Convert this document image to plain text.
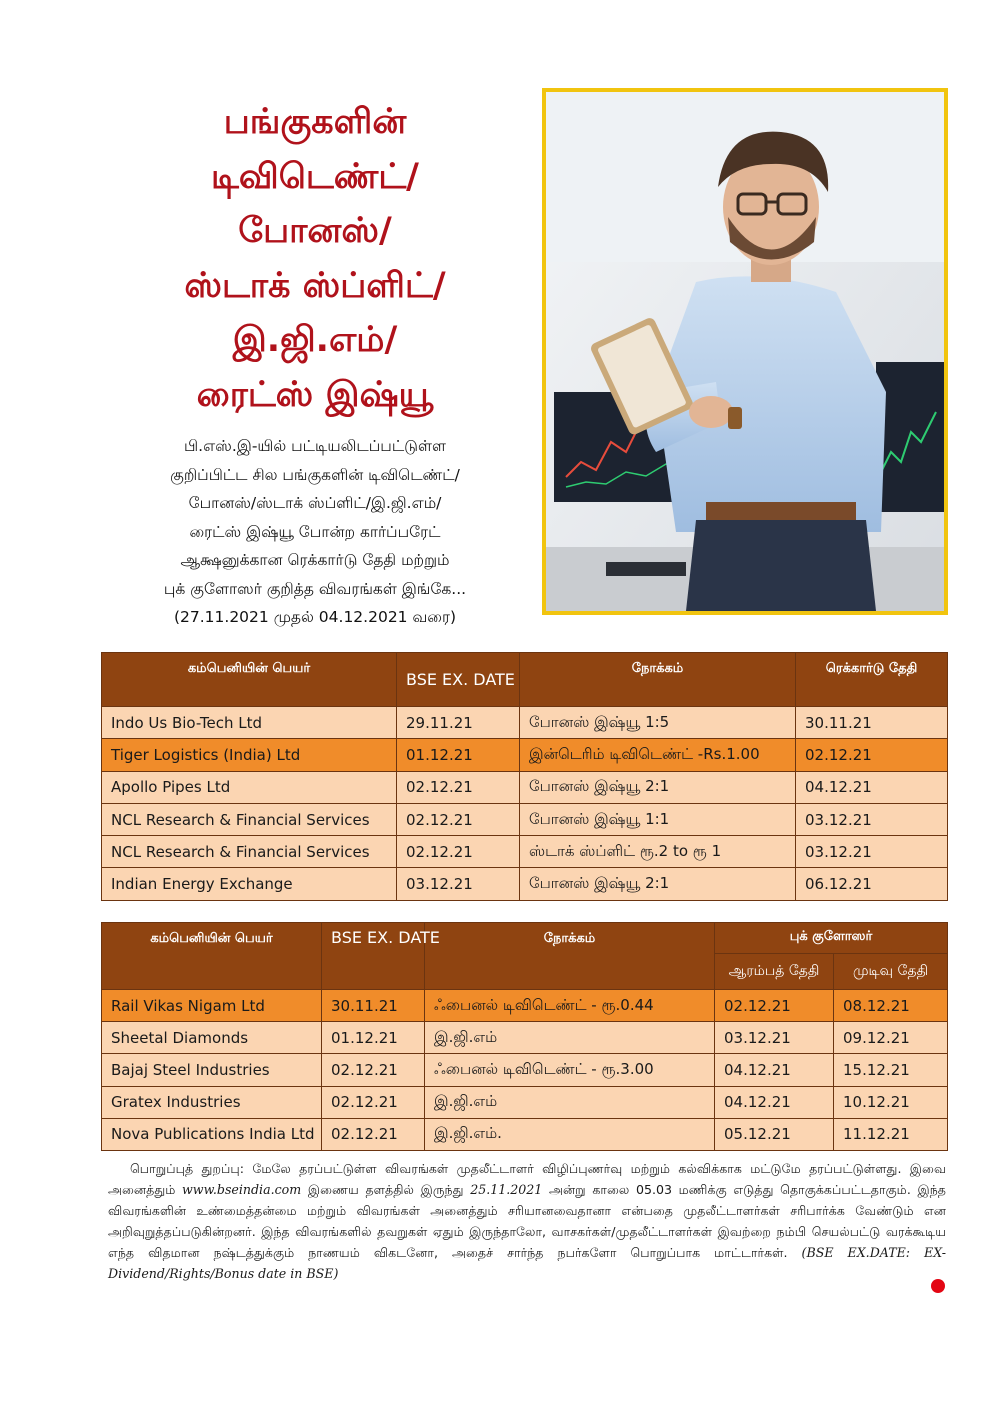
பங்குகளின்
டிவிடெண்ட்/
போனஸ்/
ஸ்டாக் ஸ்ப்ளிட்/
இ.ஜி.எம்/
ரைட்ஸ் இஷ்யூ
பி.எஸ்.இ-யில் பட்டியலிடப்பட்டுள்ள
குறிப்பிட்ட சில பங்குகளின் டிவிடெண்ட்/
போனஸ்/ஸ்டாக் ஸ்ப்ளிட்/இ.ஜி.எம்/
ரைட்ஸ் இஷ்யூ போன்ற கார்ப்பரேட்
ஆக்ஷனுக்கான ரெக்கார்டு தேதி மற்றும்
புக் குளோஸர் குறித்த விவரங்கள் இங்கே...
(27.11.2021 முதல் 04.12.2021 வரை)
கம்பெனியின் பெயர்	BSE EX. DATE	நோக்கம்	ரெக்கார்டு தேதி
Indo Us Bio-Tech Ltd	29.11.21	போனஸ் இஷ்யூ 1:5	30.11.21
Tiger Logistics (India) Ltd	01.12.21	இன்டெரிம் டிவிடெண்ட் -Rs.1.00	02.12.21
Apollo Pipes Ltd	02.12.21	போனஸ் இஷ்யூ 2:1	04.12.21
NCL Research & Financial Services	02.12.21	போனஸ் இஷ்யூ 1:1	03.12.21
NCL Research & Financial Services	02.12.21	ஸ்டாக் ஸ்ப்ளிட் ரூ.2 to ரூ 1	03.12.21
Indian Energy Exchange	03.12.21	போனஸ் இஷ்யூ 2:1	06.12.21
கம்பெனியின் பெயர்	BSE EX. DATE	நோக்கம்	புக் குளோஸர்	
			ஆரம்பத் தேதி	முடிவு தேதி
Rail Vikas Nigam Ltd	30.11.21	ஃபைனல் டிவிடெண்ட் - ரூ.0.44	02.12.21	08.12.21
Sheetal Diamonds	01.12.21	இ.ஜி.எம்	03.12.21	09.12.21
Bajaj Steel Industries	02.12.21	ஃபைனல் டிவிடெண்ட் - ரூ.3.00	04.12.21	15.12.21
Gratex Industries	02.12.21	இ.ஜி.எம்	04.12.21	10.12.21
Nova Publications India Ltd	02.12.21	இ.ஜி.எம்.	05.12.21	11.12.21
பொறுப்புத் துறப்பு: மேலே தரப்பட்டுள்ள விவரங்கள் முதலீட்டாளர் விழிப்புணர்வு மற்றும் கல்விக்காக மட்டுமே தரப்பட்டுள்ளது. இவை அனைத்தும் www.bseindia.com இணைய தளத்தில் இருந்து 25.11.2021 அன்று காலை 05.03 மணிக்கு எடுத்து தொகுக்கப்பட்டதாகும். இந்த விவரங்களின் உண்மைத்தன்மை மற்றும் விவரங்கள் அனைத்தும் சரியானவைதானா என்பதை முதலீட்டாளர்கள் சரிபார்க்க வேண்டும் என அறிவுறுத்தப்படுகின்றனர். இந்த விவரங்களில் தவறுகள் ஏதும் இருந்தாலோ, வாசகர்கள்/முதலீட்டாளர்கள் இவற்றை நம்பி செயல்பட்டு வரக்கூடிய எந்த விதமான நஷ்டத்துக்கும் நாணயம் விகடனோ, அதைச் சார்ந்த நபர்களோ பொறுப்பாக மாட்டார்கள். (BSE EX.DATE: EX-Dividend/Rights/Bonus date in BSE)
